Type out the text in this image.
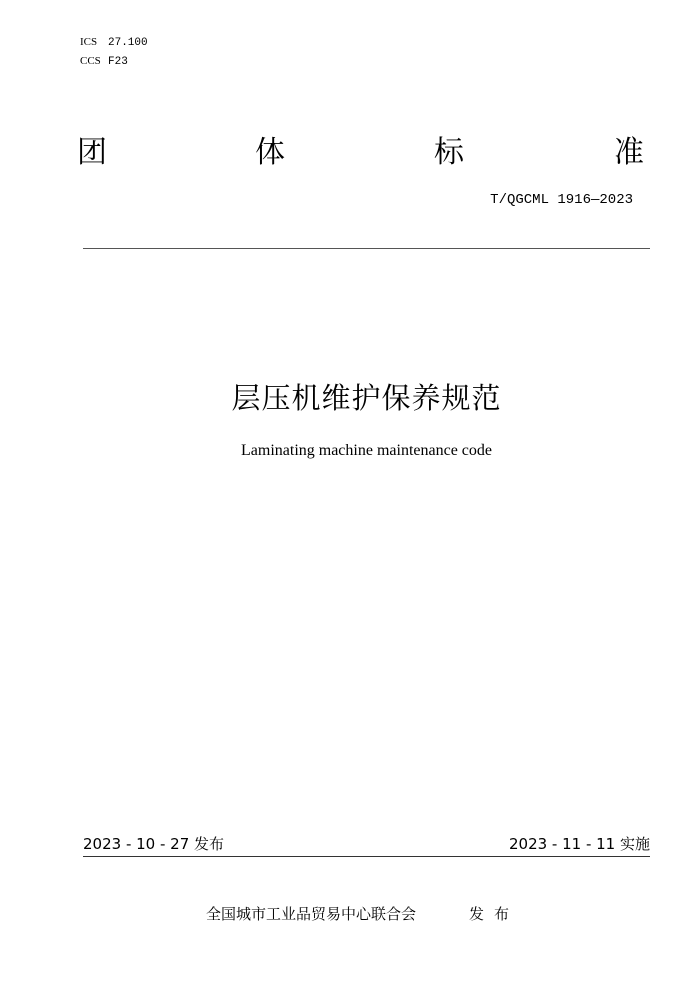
ICS 27.100
CCS F23
团	体	标	准
T/QGCML 1916—2023
层压机维护保养规范
Laminating machine maintenance code
2023 - 10 - 27 发布	2023 - 11 - 11 实施
全国城市工业品贸易中心联合会	发布
